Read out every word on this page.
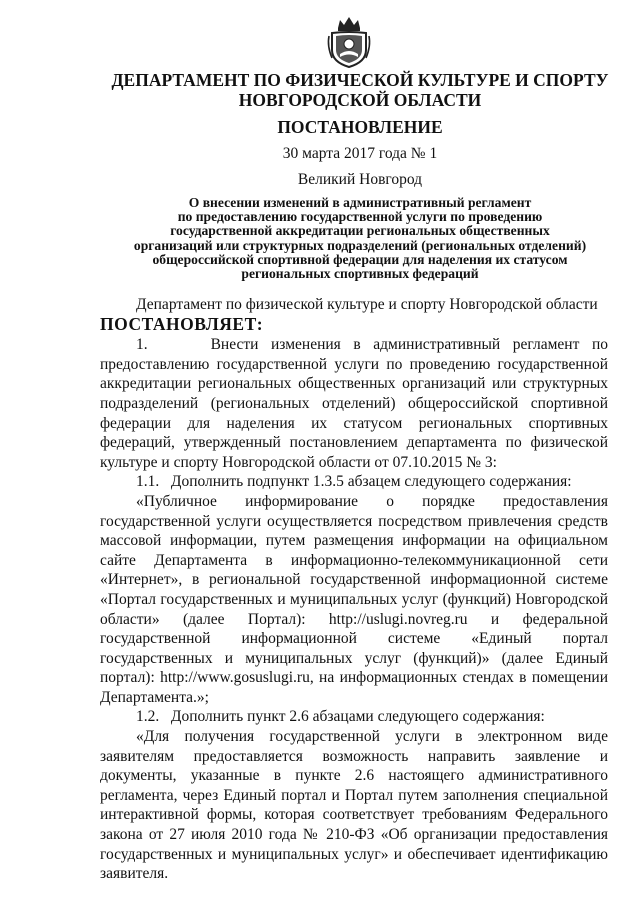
ДЕПАРТАМЕНТ ПО ФИЗИЧЕСКОЙ КУЛЬТУРЕ И СПОРТУ
НОВГОРОДСКОЙ ОБЛАСТИ
ПОСТАНОВЛЕНИЕ
30 марта 2017 года № 1
Великий Новгород
О внесении изменений в административный регламент
по предоставлению государственной услуги по проведению
государственной аккредитации региональных общественных
организаций или структурных подразделений (региональных отделений)
общероссийской спортивной федерации для наделения их статусом
региональных спортивных федераций

Департамент по физической культуре и спорту Новгородской области

ПОСТАНОВЛЯЕТ:

1.     Внести изменения в административный регламент по предоставлению государственной услуги по проведению государственной аккредитации региональных общественных организаций или структурных подразделений (региональных отделений) общероссийской спортивной федерации для наделения их статусом региональных спортивных федераций, утвержденный постановлением департамента по физической культуре и спорту Новгородской области от 07.10.2015 № 3:

1.1.   Дополнить подпункт 1.3.5 абзацем следующего содержания:

«Публичное информирование о порядке предоставления государственной услуги осуществляется посредством привлечения средств массовой информации, путем размещения информации на официальном сайте Департамента в информационно-телекоммуникационной сети «Интернет», в региональной государственной информационной системе «Портал государственных и муниципальных услуг (функций) Новгородской области» (далее Портал): http://uslugi.novreg.ru и федеральной государственной информационной системе «Единый портал государственных и муниципальных услуг (функций)» (далее Единый портал): http://www.gosuslugi.ru, на информационных стендах в помещении Департамента.»;

1.2.   Дополнить пункт 2.6 абзацами следующего содержания:

«Для получения государственной услуги в электронном виде заявителям предоставляется возможность направить заявление и документы, указанные в пункте 2.6 настоящего административного регламента, через Единый портал и Портал путем заполнения специальной интерактивной формы, которая соответствует требованиям Федерального закона от 27 июля 2010 года № 210-ФЗ «Об организации предоставления государственных и муниципальных услуг» и обеспечивает идентификацию заявителя.
